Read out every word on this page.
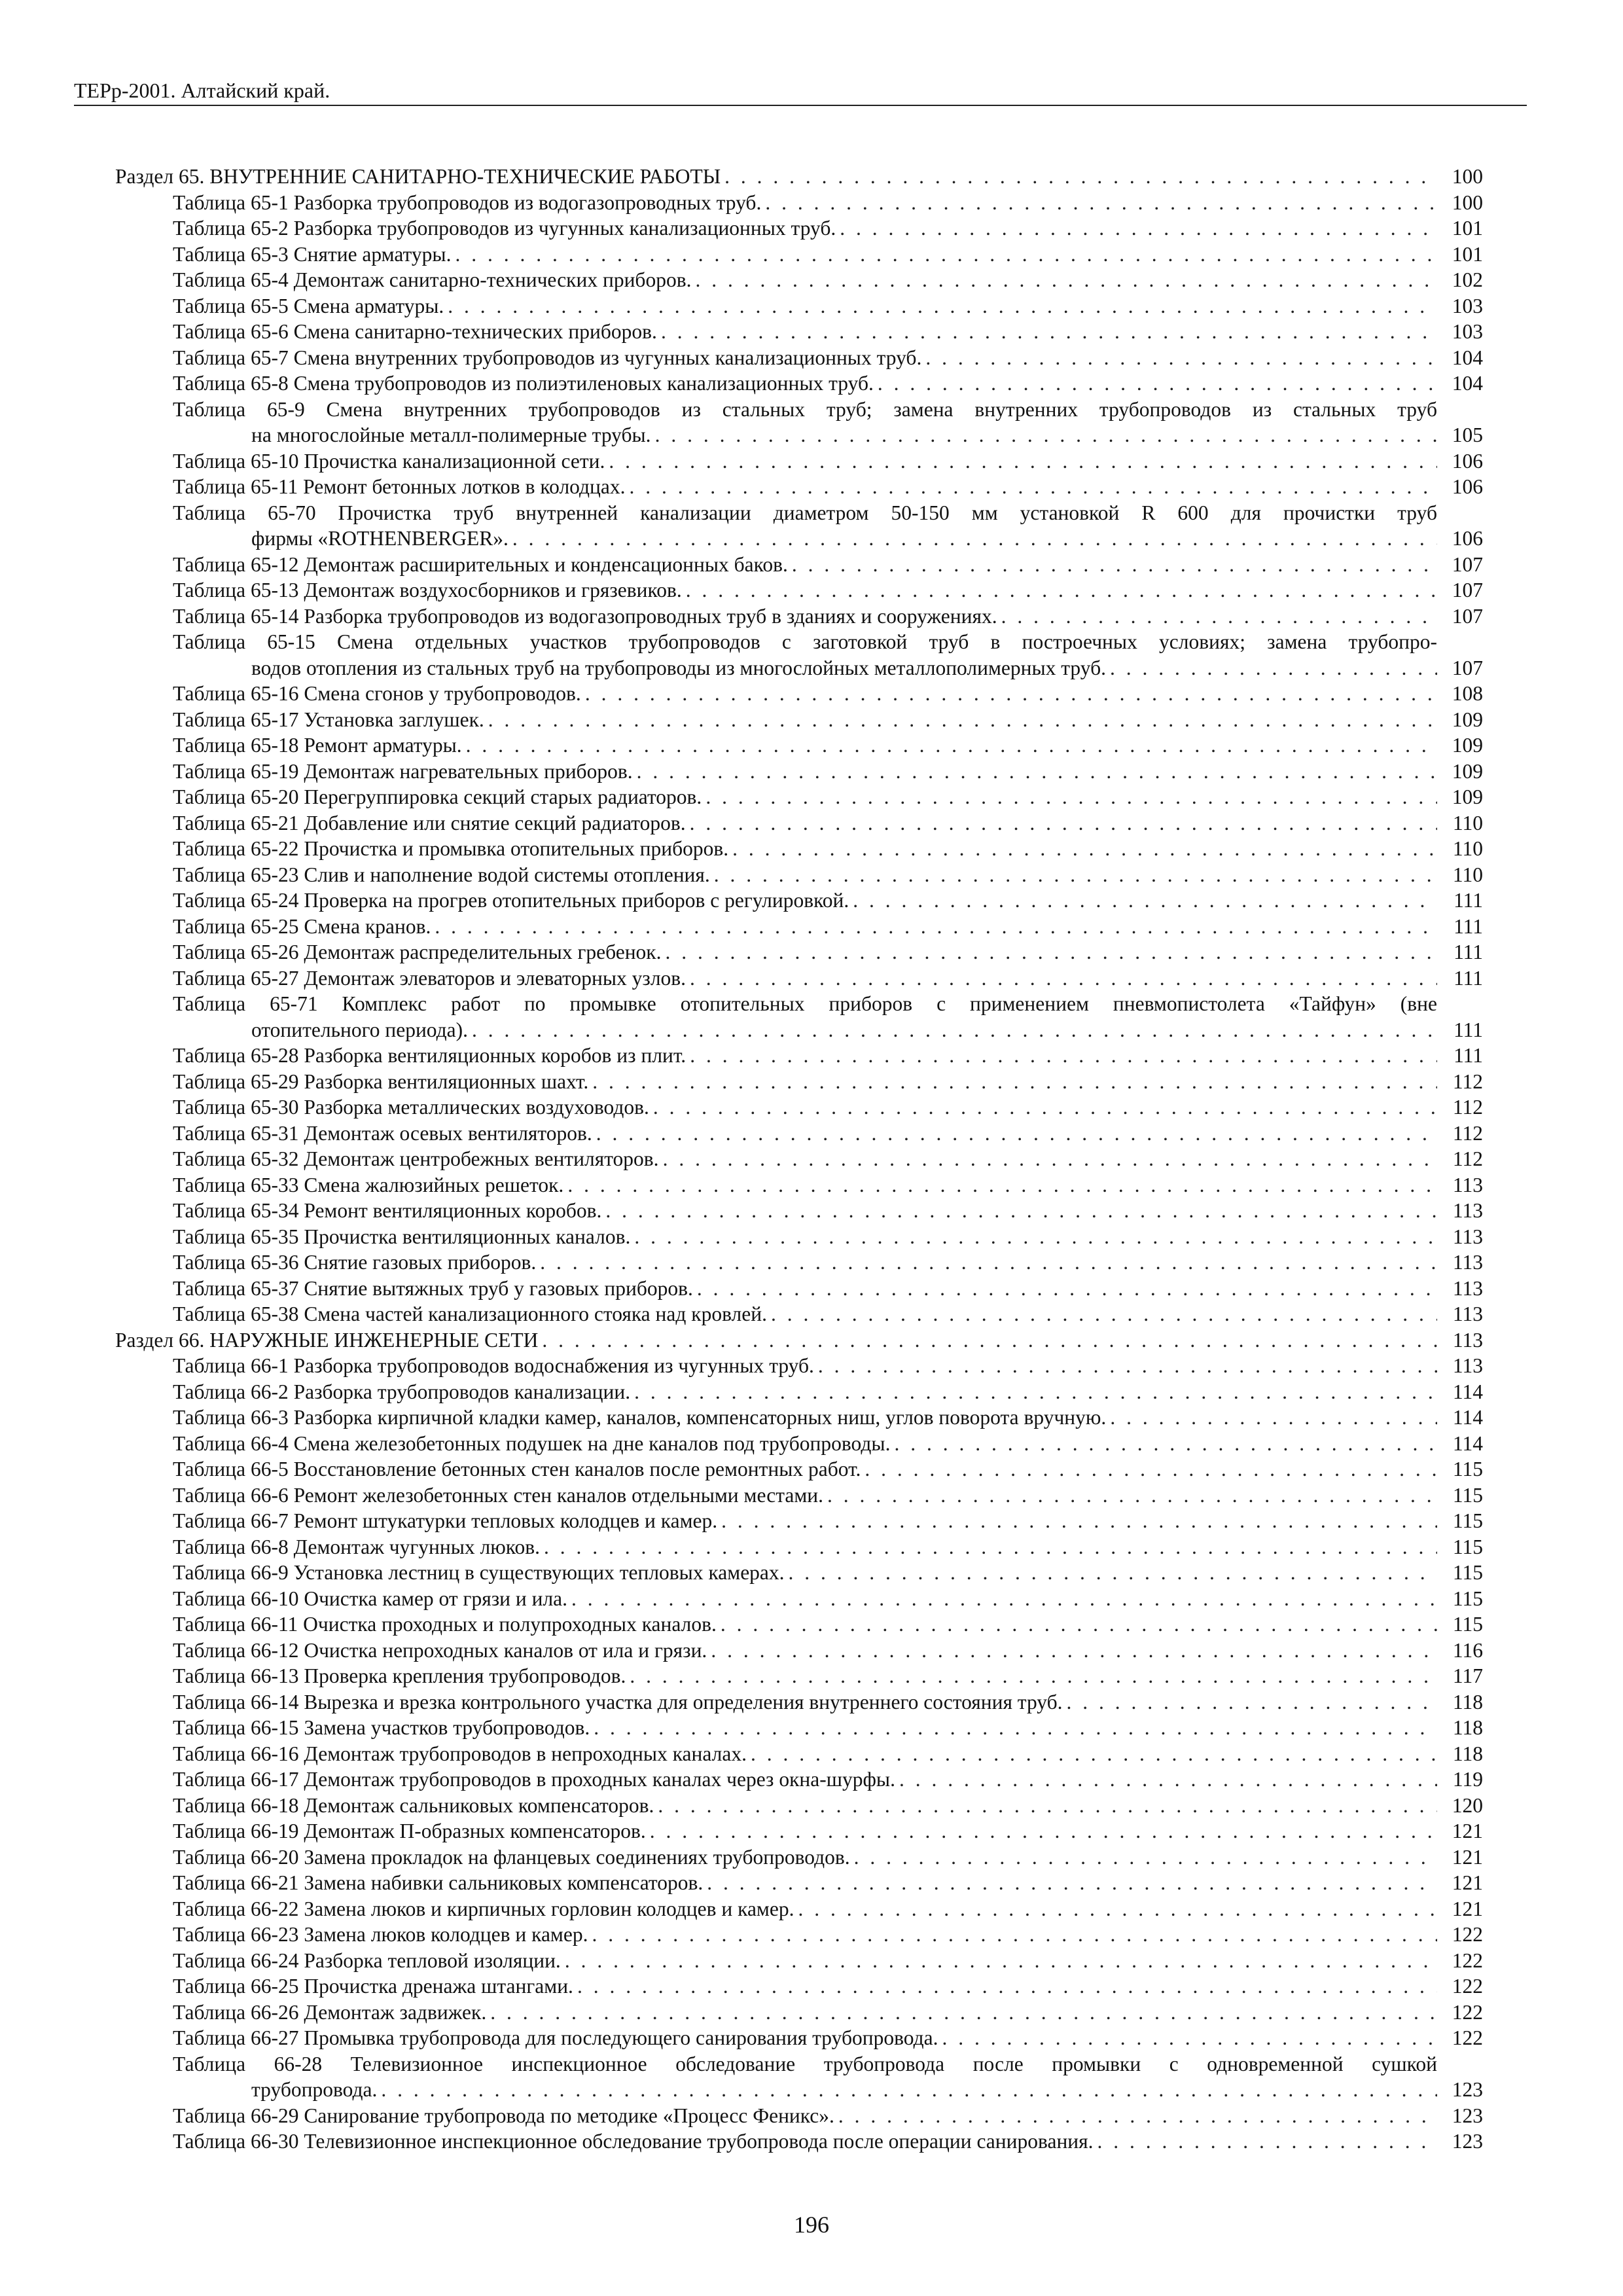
ТЕРр-2001. Алтайский край.
Раздел 65. ВНУТРЕННИЕ САНИТАРНО-ТЕХНИЧЕСКИЕ РАБОТЫ . . .	100
Таблица 65-1 Разборка трубопроводов из водогазопроводных труб. . . .	100
Таблица 65-2 Разборка трубопроводов из чугунных канализационных труб. . . .	101
Таблица 65-3 Снятие арматуры. . . .	101
Таблица 65-4 Демонтаж санитарно-технических приборов. . . .	102
Таблица 65-5 Смена арматуры. . . .	103
Таблица 65-6 Смена санитарно-технических приборов. . . .	103
Таблица 65-7 Смена внутренних трубопроводов из чугунных канализационных труб. . . .	104
Таблица 65-8 Смена трубопроводов из полиэтиленовых канализационных труб. . . .	104
Таблица 65-9 Смена внутренних трубопроводов из стальных труб; замена внутренних трубопроводов из стальных труб
на многослойные металл-полимерные трубы. . . .	105
Таблица 65-10 Прочистка канализационной сети. . . .	106
Таблица 65-11 Ремонт бетонных лотков в колодцах. . . .	106
Таблица 65-70 Прочистка труб внутренней канализации диаметром 50-150 мм установкой R 600 для прочистки труб
фирмы «ROTHENBERGER». . . .	106
Таблица 65-12 Демонтаж расширительных и конденсационных баков. . . .	107
Таблица 65-13 Демонтаж воздухосборников и грязевиков. . . .	107
Таблица 65-14 Разборка трубопроводов из водогазопроводных труб в зданиях и сооружениях. . . .	107
Таблица 65-15 Смена отдельных участков трубопроводов с заготовкой труб в построечных условиях; замена трубопро-
водов отопления из стальных труб на трубопроводы из многослойных металлополимерных труб. . . .	107
Таблица 65-16 Смена сгонов у трубопроводов. . . .	108
Таблица 65-17 Установка заглушек. . . .	109
Таблица 65-18 Ремонт арматуры. . . .	109
Таблица 65-19 Демонтаж нагревательных приборов. . . .	109
Таблица 65-20 Перегруппировка секций старых радиаторов. . . .	109
Таблица 65-21 Добавление или снятие секций радиаторов. . . .	110
Таблица 65-22 Прочистка и промывка отопительных приборов. . . .	110
Таблица 65-23 Слив и наполнение водой системы отопления. . . .	110
Таблица 65-24 Проверка на прогрев отопительных приборов с регулировкой. . . .	111
Таблица 65-25 Смена кранов. . . .	111
Таблица 65-26 Демонтаж распределительных гребенок. . . .	111
Таблица 65-27 Демонтаж элеваторов и элеваторных узлов. . . .	111
Таблица 65-71 Комплекс работ по промывке отопительных приборов с применением пневмопистолета «Тайфун» (вне
отопительного периода). . . .	111
Таблица 65-28 Разборка вентиляционных коробов из плит. . . .	111
Таблица 65-29 Разборка вентиляционных шахт. . . .	112
Таблица 65-30 Разборка металлических воздуховодов. . . .	112
Таблица 65-31 Демонтаж осевых вентиляторов. . . .	112
Таблица 65-32 Демонтаж центробежных вентиляторов. . . .	112
Таблица 65-33 Смена жалюзийных решеток. . . .	113
Таблица 65-34 Ремонт вентиляционных коробов. . . .	113
Таблица 65-35 Прочистка вентиляционных каналов. . . .	113
Таблица 65-36 Снятие газовых приборов. . . .	113
Таблица 65-37 Снятие вытяжных труб у газовых приборов. . . .	113
Таблица 65-38 Смена частей канализационного стояка над кровлей. . . .	113
Раздел 66. НАРУЖНЫЕ ИНЖЕНЕРНЫЕ СЕТИ . . .	113
Таблица 66-1 Разборка трубопроводов водоснабжения из чугунных труб. . . .	113
Таблица 66-2 Разборка трубопроводов канализации. . . .	114
Таблица 66-3 Разборка кирпичной кладки камер, каналов, компенсаторных ниш, углов поворота вручную. . . .	114
Таблица 66-4 Смена железобетонных подушек на дне каналов под трубопроводы. . . .	114
Таблица 66-5 Восстановление бетонных стен каналов после ремонтных работ. . . .	115
Таблица 66-6 Ремонт железобетонных стен каналов отдельными местами. . . .	115
Таблица 66-7 Ремонт штукатурки тепловых колодцев и камер. . . .	115
Таблица 66-8 Демонтаж чугунных люков. . . .	115
Таблица 66-9 Установка лестниц в существующих тепловых камерах. . . .	115
Таблица 66-10 Очистка камер от грязи и ила. . . .	115
Таблица 66-11 Очистка проходных и полупроходных каналов. . . .	115
Таблица 66-12 Очистка непроходных каналов от ила и грязи. . . .	116
Таблица 66-13 Проверка крепления трубопроводов. . . .	117
Таблица 66-14 Вырезка и врезка контрольного участка для определения внутреннего состояния труб. . . .	118
Таблица 66-15 Замена участков трубопроводов. . . .	118
Таблица 66-16 Демонтаж трубопроводов в непроходных каналах. . . .	118
Таблица 66-17 Демонтаж трубопроводов в проходных каналах через окна-шурфы. . . .	119
Таблица 66-18 Демонтаж сальниковых компенсаторов. . . .	120
Таблица 66-19 Демонтаж П-образных компенсаторов. . . .	121
Таблица 66-20 Замена прокладок на фланцевых соединениях трубопроводов. . . .	121
Таблица 66-21 Замена набивки сальниковых компенсаторов. . . .	121
Таблица 66-22 Замена люков и кирпичных горловин колодцев и камер. . . .	121
Таблица 66-23 Замена люков колодцев и камер. . . .	122
Таблица 66-24 Разборка тепловой изоляции. . . .	122
Таблица 66-25 Прочистка дренажа штангами. . . .	122
Таблица 66-26 Демонтаж задвижек. . . .	122
Таблица 66-27 Промывка трубопровода для последующего санирования трубопровода. . . .	122
Таблица 66-28 Телевизионное инспекционное обследование трубопровода после промывки с одновременной сушкой
трубопровода. . . .	123
Таблица 66-29 Санирование трубопровода по методике «Процесс Феникс». . . .	123
Таблица 66-30 Телевизионное инспекционное обследование трубопровода после операции санирования. . . .	123
196
